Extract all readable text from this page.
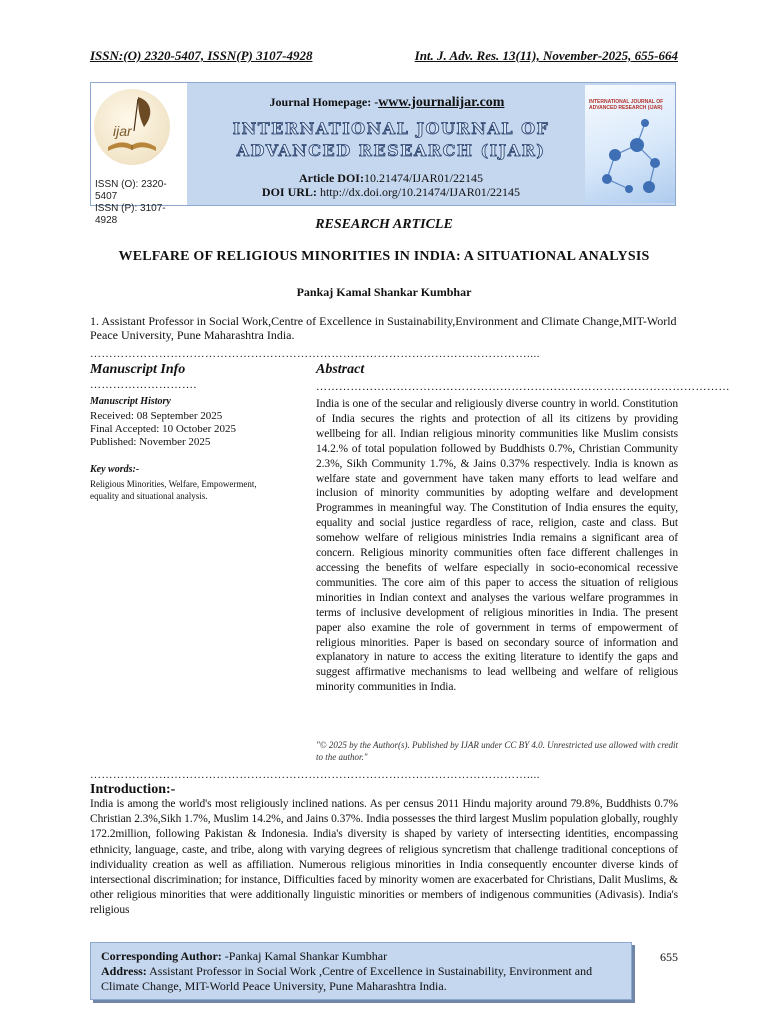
ISSN:(O) 2320-5407, ISSN(P) 3107-4928	Int. J. Adv. Res. 13(11), November-2025, 655-664
ijar
ISSN (O): 2320-5407
ISSN (P): 3107-4928
Journal Homepage: -www.journalijar.com
INTERNATIONAL JOURNAL OF
ADVANCED RESEARCH (IJAR)
Article DOI:10.21474/IJAR01/22145
DOI URL: http://dx.doi.org/10.21474/IJAR01/22145
INTERNATIONAL JOURNAL OF ADVANCED RESEARCH (IJAR)
RESEARCH ARTICLE
WELFARE OF RELIGIOUS MINORITIES IN INDIA: A SITUATIONAL ANALYSIS
Pankaj Kamal Shankar Kumbhar
1. Assistant Professor in Social Work,Centre of Excellence in Sustainability,Environment and Climate Change,MIT-World Peace University, Pune Maharashtra India.
……………………………………………………………………………………………………....
Manuscript Info
……………………….
Manuscript History
Received: 08 September 2025
Final Accepted: 10 October 2025
Published: November 2025
Key words:-
Religious Minorities, Welfare, Empowerment, equality and situational analysis.
Abstract
………………………………………………………………………………………………
India is one of the secular and religiously diverse country in world. Constitution of India secures the rights and protection of all its citizens by providing wellbeing for all. Indian religious minority communities like Muslim consists 14.2.% of total population followed by Buddhists 0.7%, Christian Community 2.3%, Sikh Community 1.7%, & Jains 0.37% respectively. India is known as welfare state and government have taken many efforts to lead welfare and inclusion of minority communities by adopting welfare and development Programmes in meaningful way. The Constitution of India ensures the equity, equality and social justice regardless of race, religion, caste and class. But somehow welfare of religious ministries India remains a significant area of concern. Religious minority communities often face different challenges in accessing the benefits of welfare especially in socio-economical recessive communities. The core aim of this paper to access the situation of religious minorities in Indian context and analyses the various welfare programmes in terms of inclusive development of religious minorities in India. The present paper also examine the role of government in terms of empowerment of religious minorities. Paper is based on secondary source of information and explanatory in nature to access the exiting literature to identify the gaps and suggest affirmative mechanisms to lead wellbeing and welfare of religious minority communities in India.
"© 2025 by the Author(s). Published by IJAR under CC BY 4.0. Unrestricted use allowed with credit to the author."
……………………………………………………………………………………………………....
Introduction:-
India is among the world's most religiously inclined nations. As per census 2011 Hindu majority around 79.8%, Buddhists 0.7% Christian 2.3%,Sikh 1.7%, Muslim 14.2%, and Jains 0.37%. India possesses the third largest Muslim population globally, roughly 172.2million, following Pakistan & Indonesia. India's diversity is shaped by variety of intersecting identities, encompassing ethnicity, language, caste, and tribe, along with varying degrees of religious syncretism that challenge traditional conceptions of individuality creation as well as affiliation. Numerous religious minorities in India consequently encounter diverse kinds of intersectional discrimination; for instance, Difficulties faced by minority women are exacerbated for Christians, Dalit Muslims, & other religious minorities that were additionally linguistic minorities or members of indigenous communities (Adivasis). India's religious
Corresponding Author: -Pankaj Kamal Shankar Kumbhar
Address: Assistant Professor in Social Work ,Centre of Excellence in Sustainability, Environment and Climate Change, MIT-World Peace University, Pune Maharashtra India.
655
